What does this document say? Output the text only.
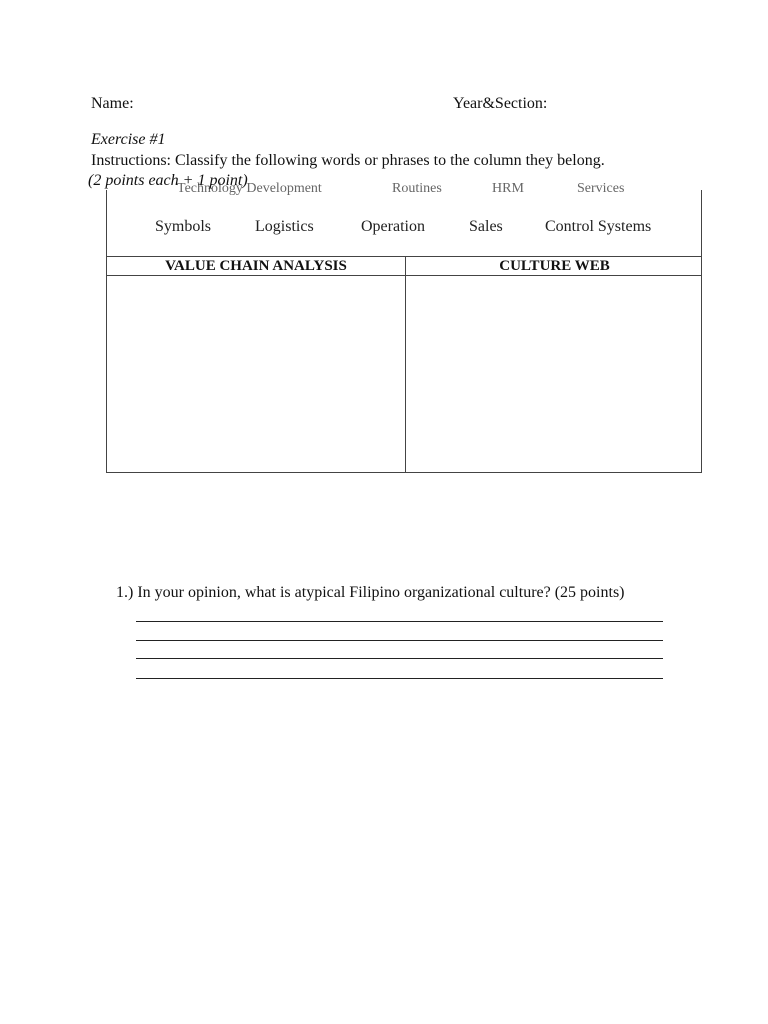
Name:	Year&Section:
Exercise #1
Instructions: Classify the following words or phrases to the column they belong.
(2 points each + 1 point)
Technology Development	Routines	HRM	Services
Symbols	Logistics	Operation	Sales	Control Systems
VALUE CHAIN ANALYSIS	CULTURE WEB
1.) In your opinion, what is atypical Filipino organizational culture? (25 points)
